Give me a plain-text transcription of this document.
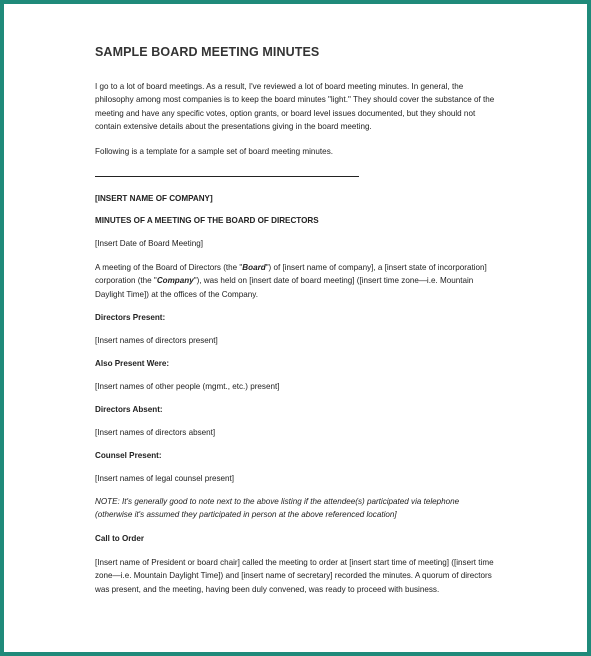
SAMPLE BOARD MEETING MINUTES
I go to a lot of board meetings. As a result, I've reviewed a lot of board meeting minutes. In general, the philosophy among most companies is to keep the board minutes "light." They should cover the substance of the meeting and have any specific votes, option grants, or board level issues documented, but they should not contain extensive details about the presentations giving in the board meeting.
Following is a template for a sample set of board meeting minutes.
[INSERT NAME OF COMPANY]
MINUTES OF A MEETING OF THE BOARD OF DIRECTORS
[Insert Date of Board Meeting]
A meeting of the Board of Directors (the "Board") of [insert name of company], a [insert state of incorporation] corporation (the "Company"), was held on [insert date of board meeting] ([insert time zone—i.e. Mountain Daylight Time]) at the offices of the Company.
Directors Present:
[Insert names of directors present]
Also Present Were:
[Insert names of other people (mgmt., etc.) present]
Directors Absent:
[Insert names of directors absent]
Counsel Present:
[Insert names of legal counsel present]
NOTE: It's generally good to note next to the above listing if the attendee(s) participated via telephone (otherwise it's assumed they participated in person at the above referenced location]
Call to Order
[Insert name of President or board chair] called the meeting to order at [insert start time of meeting] ([insert time zone—i.e. Mountain Daylight Time]) and [insert name of secretary] recorded the minutes. A quorum of directors was present, and the meeting, having been duly convened, was ready to proceed with business.
